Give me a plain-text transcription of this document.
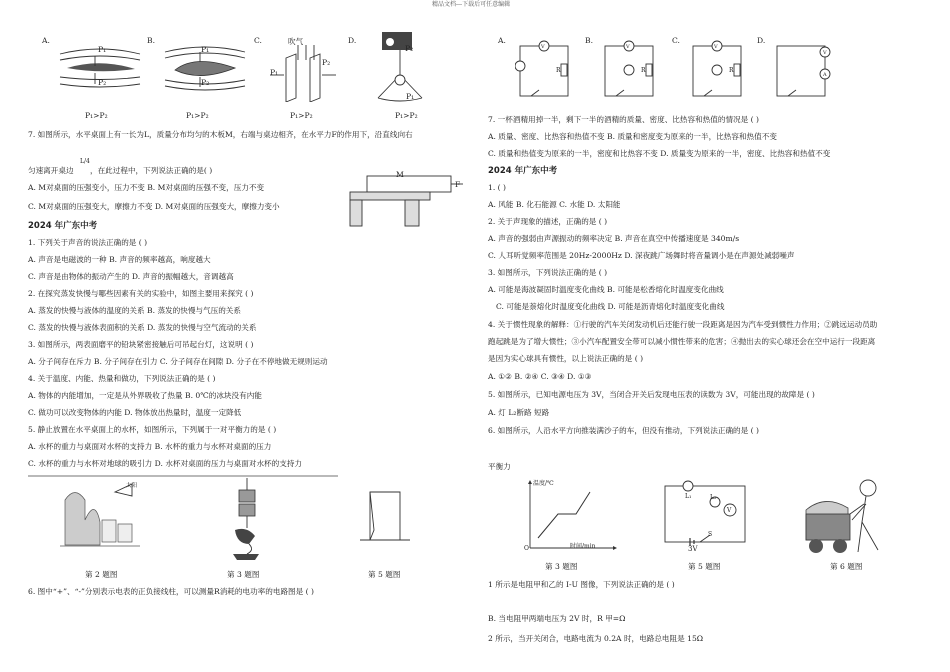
精品文档---下载后可任意编辑
A.	B.	C.	D.
P₁
P₂
P₁
P₂
吹气
P₁
P₂
P₂
P₁
P₁>P₂	P₁>P₂	P₁>P₂	P₁>P₂
7. 如图所示，水平桌面上有一长为L，质量分布均匀的木板M，右端与桌边相齐，在水平力F的作用下，沿直线向右
匀速离开桌边
L/4
，在此过程中，下列说法正确的是( )
A. M对桌面的压强变小，压力不变 B. M对桌面的压强不变，压力不变
C. M对桌面的压强变大，摩擦力不变 D. M对桌面的压强变大，摩擦力变小
M
F
2024 年广东中考
1. 下列关于声音的说法正确的是 ( )
A. 声音是电磁波的一种 B. 声音的频率越高，响度越大
C. 声音是由物体的振动产生的 D. 声音的振幅越大，音调越高
2. 在探究蒸发快慢与哪些因素有关的实验中，如图主要用来探究 ( )
A. 蒸发的快慢与液体的温度的关系 B. 蒸发的快慢与气压的关系
C. 蒸发的快慢与液体表面积的关系 D. 蒸发的快慢与空气流动的关系
3. 如图所示，两表面磨平的铅块紧密接触后可吊起台灯，这说明 ( )
A. 分子间存在斥力 B. 分子间存在引力 C. 分子间存在间隙 D. 分子在不停地做无规则运动
4. 关于温度、内能、热量和做功，下列说法正确的是 ( )
A. 物体的内能增加，一定是从外界吸收了热量 B. 0℃的冰块没有内能
C. 做功可以改变物体的内能 D. 物体放出热量时，温度一定降低
5. 静止放置在水平桌面上的水杯，如图所示，下列属于一对平衡力的是 ( )
A. 水杯的重力与桌面对水杯的支持力 B. 水杯的重力与水杯对桌面的压力
C. 水杯的重力与水杯对地球的吸引力 D. 水杯对桌面的压力与桌面对水杯的支持力
太阳
第 2 题图	第 3 题图	第 5 题图
6. 图中“+”、“-”分别表示电表的正负接线柱，可以测量R消耗的电功率的电路图是 ( )
A.	B.	C.	D.
R	R	R
V	V	V
V
A
7. 一杯酒精用掉一半，剩下一半的酒精的质量、密度、比热容和热值的情况是 ( )
A. 质量、密度、比热容和热值不变 B. 质量和密度变为原来的一半，比热容和热值不变
C. 质量和热值变为原来的一半，密度和比热容不变 D. 质量变为原来的一半，密度、比热容和热值不变
2024 年广东中考
1. ( )
A. 风能 B. 化石能源 C. 水能 D. 太阳能
2. 关于声现象的描述，正确的是 ( )
A. 声音的强弱由声源振动的频率决定 B. 声音在真空中传播速度是 340m/s
C. 人耳听觉频率范围是 20Hz-2000Hz D. 深夜跳广场舞时将音量调小是在声源处减弱噪声
3. 如图所示，下列说法正确的是 ( )
A. 可能是海波凝固时温度变化曲线 B. 可能是松香熔化时温度变化曲线
C. 可能是萘熔化时温度变化曲线 D. 可能是沥青熔化时温度变化曲线
4. 关于惯性现象的解释：①行驶的汽车关闭发动机后还能行驶一段距离是因为汽车受到惯性力作用；②跳远运动员助
跑起跳是为了增大惯性；③小汽车配置安全带可以减小惯性带来的危害；④抛出去的实心球还会在空中运行一段距离
是因为实心球具有惯性，以上说法正确的是 ( )
A. ①② B. ②④ C. ③④ D. ①③
5. 如图所示，已知电源电压为 3V，当闭合开关后发现电压表的读数为 3V，可能出现的故障是 ( )
A. 灯 L₂断路 短路
6. 如图所示，人沿水平方向推装满沙子的车，但没有推动，下列说法正确的是 ( )
平衡力
温度/℃
时间/min
O
L₁	L₂
V
S
3V
第 3 题图	第 5 题图	第 6 题图
1 所示是电阻甲和乙的 I-U 图像，下列说法正确的是 ( )
B. 当电阻甲两端电压为 2V 时，R 甲=Ω
2 所示，当开关闭合，电路电流为 0.2A 时，电路总电阻是 15Ω
